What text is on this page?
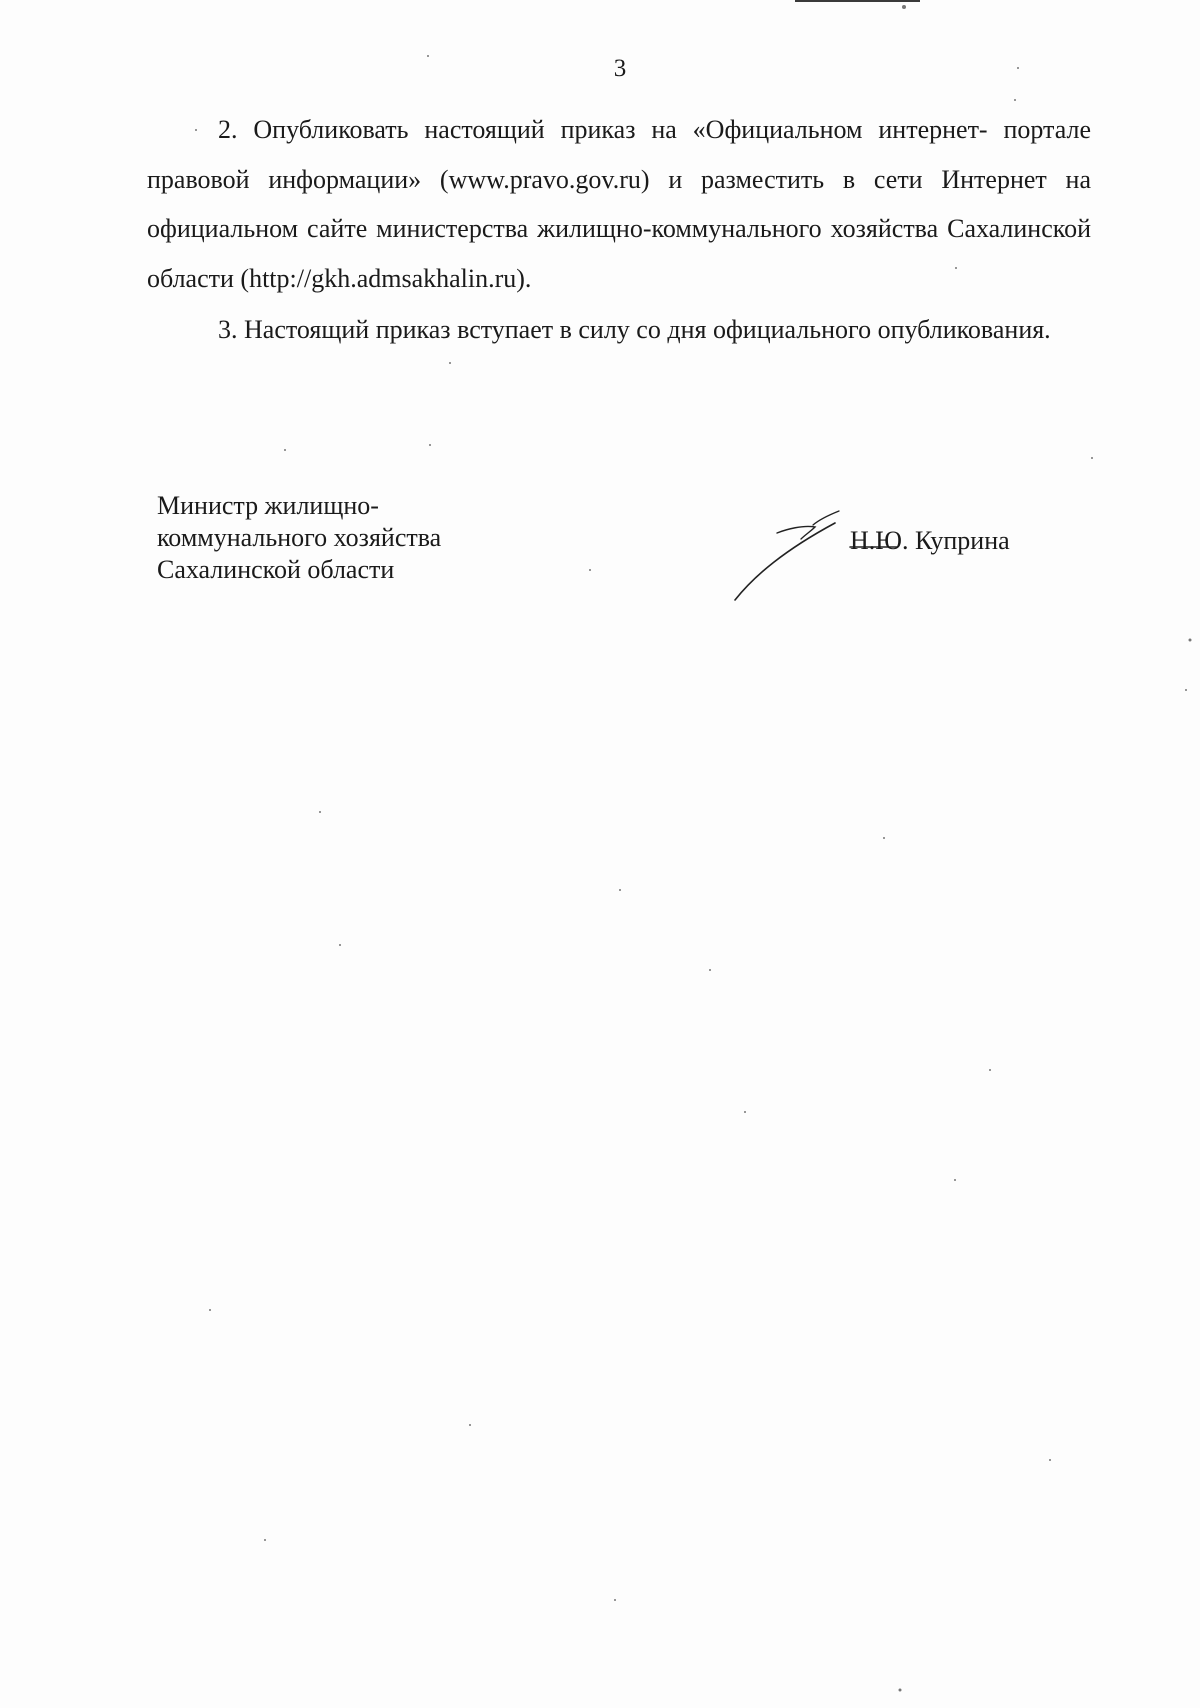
3

2. Опубликовать настоящий приказ на «Официальном интернет- портале правовой информации» (www.pravo.gov.ru) и разместить в сети Интернет на официальном сайте министерства жилищно-коммунального хозяйства Сахалинской области (http://gkh.admsakhalin.ru).

3. Настоящий приказ вступает в силу со дня официального опубликования.

Министр жилищно-
коммунального хозяйства
Сахалинской области
Н.Ю. Куприна
